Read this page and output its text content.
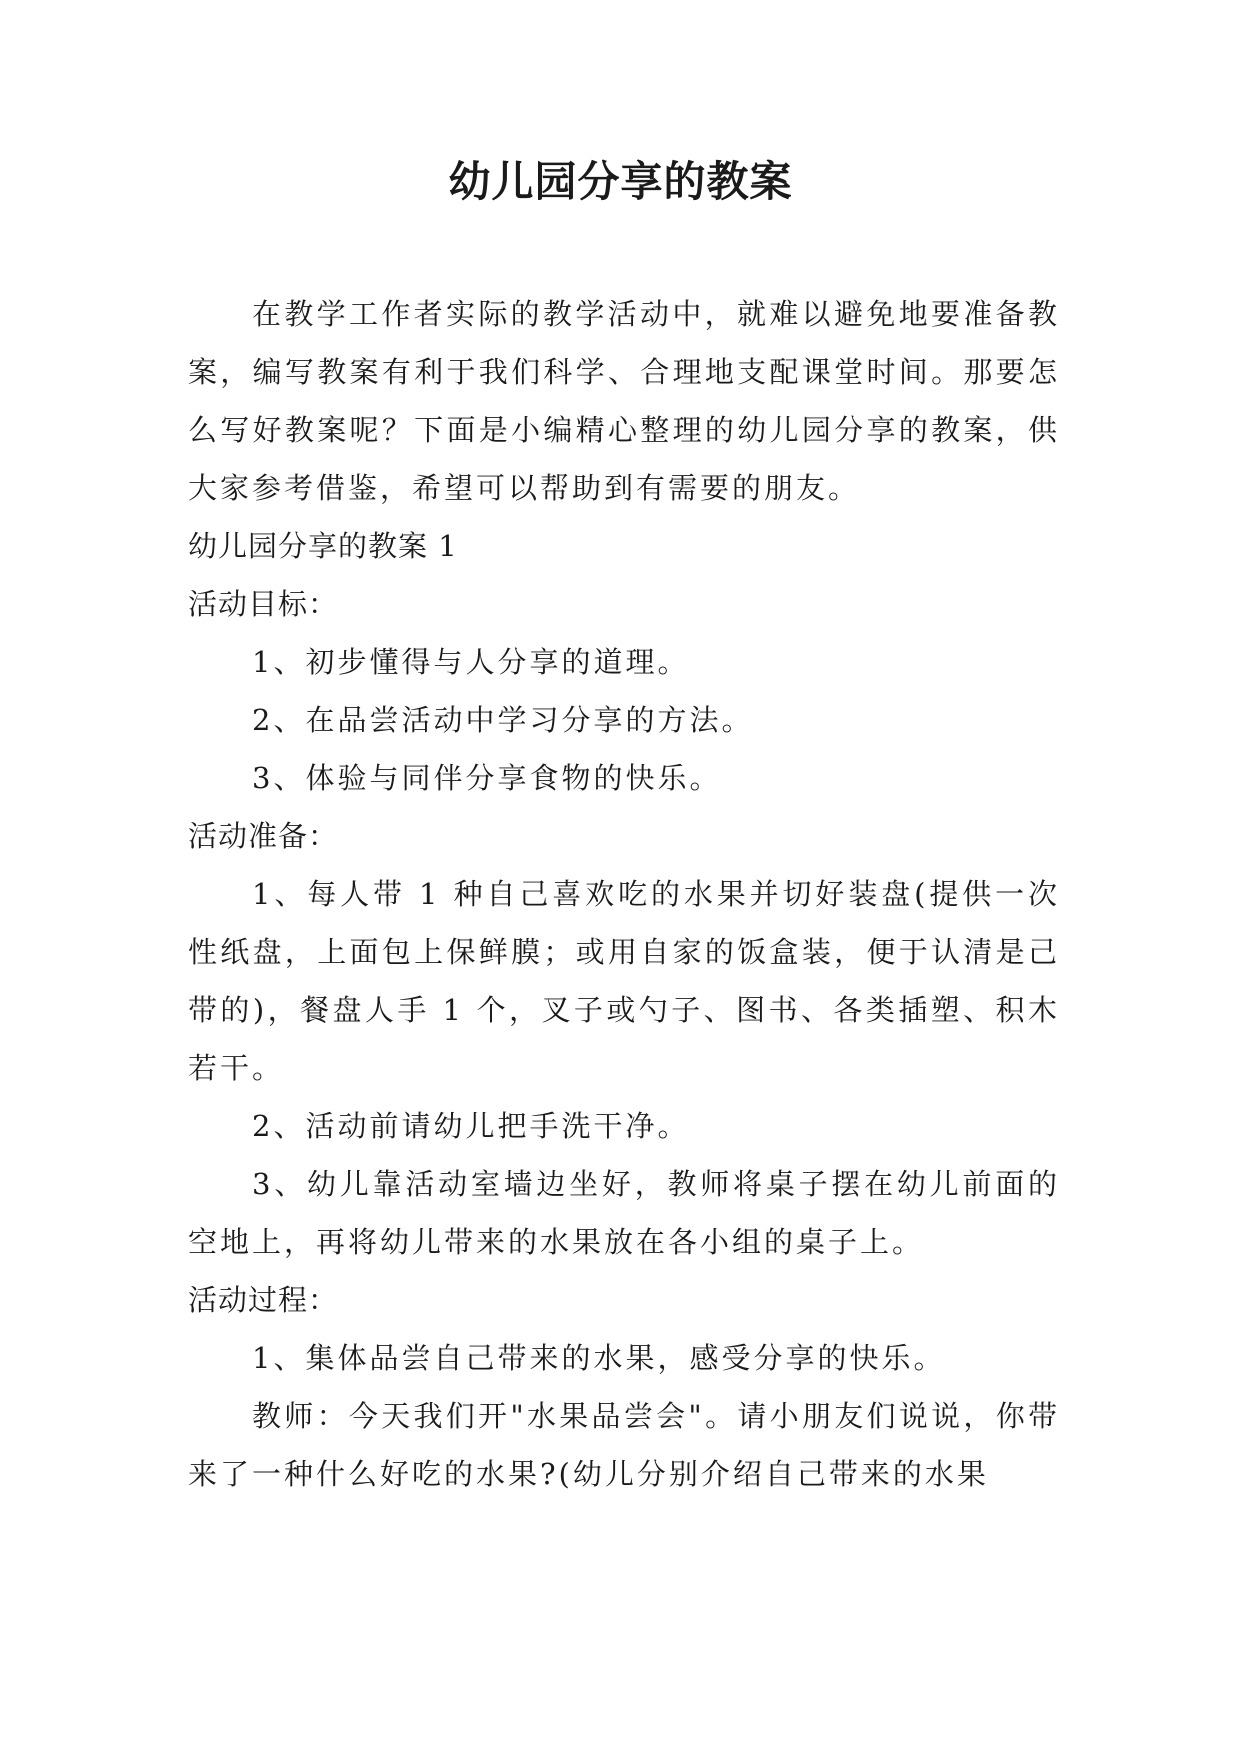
幼儿园分享的教案

在教学工作者实际的教学活动中，就难以避免地要准备教案，编写教案有利于我们科学、合理地支配课堂时间。那要怎么写好教案呢？下面是小编精心整理的幼儿园分享的教案，供大家参考借鉴，希望可以帮助到有需要的朋友。

幼儿园分享的教案 1

活动目标：

1、初步懂得与人分享的道理。

2、在品尝活动中学习分享的方法。

3、体验与同伴分享食物的快乐。

活动准备：

1、每人带 1 种自己喜欢吃的水果并切好装盘(提供一次性纸盘，上面包上保鲜膜；或用自家的饭盒装，便于认清是己带的)，餐盘人手 1 个，叉子或勺子、图书、各类插塑、积木若干。

2、活动前请幼儿把手洗干净。

3、幼儿靠活动室墙边坐好，教师将桌子摆在幼儿前面的空地上，再将幼儿带来的水果放在各小组的桌子上。

活动过程：

1、集体品尝自己带来的水果，感受分享的快乐。

教师：今天我们开"水果品尝会"。请小朋友们说说，你带来了一种什么好吃的水果?(幼儿分别介绍自己带来的水果
